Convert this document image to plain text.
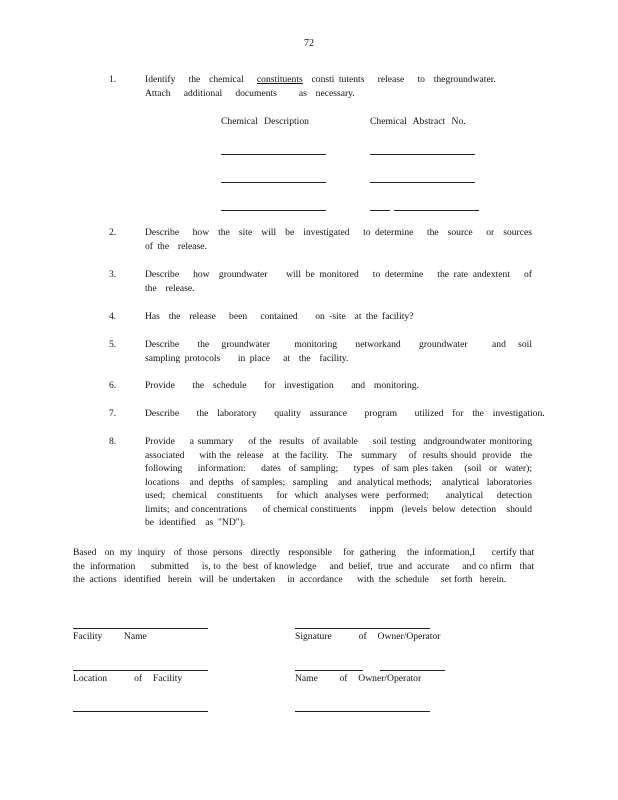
72
1.	Identify   the  chemical   constituents  consti tutents   release   to  thegroundwater.
Attach   additional   documents     as  necessary.
Chemical Description	Chemical Abstract No.
2.	Describe   how  the  site  will  be  investigated   to determine   the  source   or  sources   of the  release.
3.	Describe   how  groundwater    will be monitored   to determine   the rate andextent   of the  release.
4.	Has  the  release   been   contained    on -site  at the facility?
5.	Describe   the  groundwater    monitoring   networkand   groundwater    and  soil sampling protocols    in place   at  the  facility.
6.	Provide    the  schedule    for  investigation    and  monitoring.
7.	Describe    the  laboratory    quality  assurance    program    utilized  for  the  investigation.
8.	Provide    a summary    of the  results  of available    soil testing  andgroundwater monitoring    associated     with the  release   at  the facility.   The   summary    of  results should  provide   the  following    information:    dates  of sampling;    types  of sam ples taken   (soil  or  water);    locations    and  depths   of samples;   sampling    and  analytical methods;    analytical   laboratories     used;  chemical   constituents    for  which  analyses were  performed;     analytical    detection    limits;  and concentrations      of chemical constituents     inppm   (levels  below  detection    should   be  identified    as  "ND").
Based   on  my  inquiry   of  those  persons   directly   responsible    for  gathering    the  information,I      certify that  the  information      submitted     is, to  the  best  of knowledge     and  belief,  true  and  accurate     and co nfirm   that  the  actions   identified   herein   will  be  undertaken     in  accordance      with  the  schedule     set forth   herein.
Facility    Name	Signature     of  Owner/Operator
Location     of  Facility	Name    of  Owner/Operator
